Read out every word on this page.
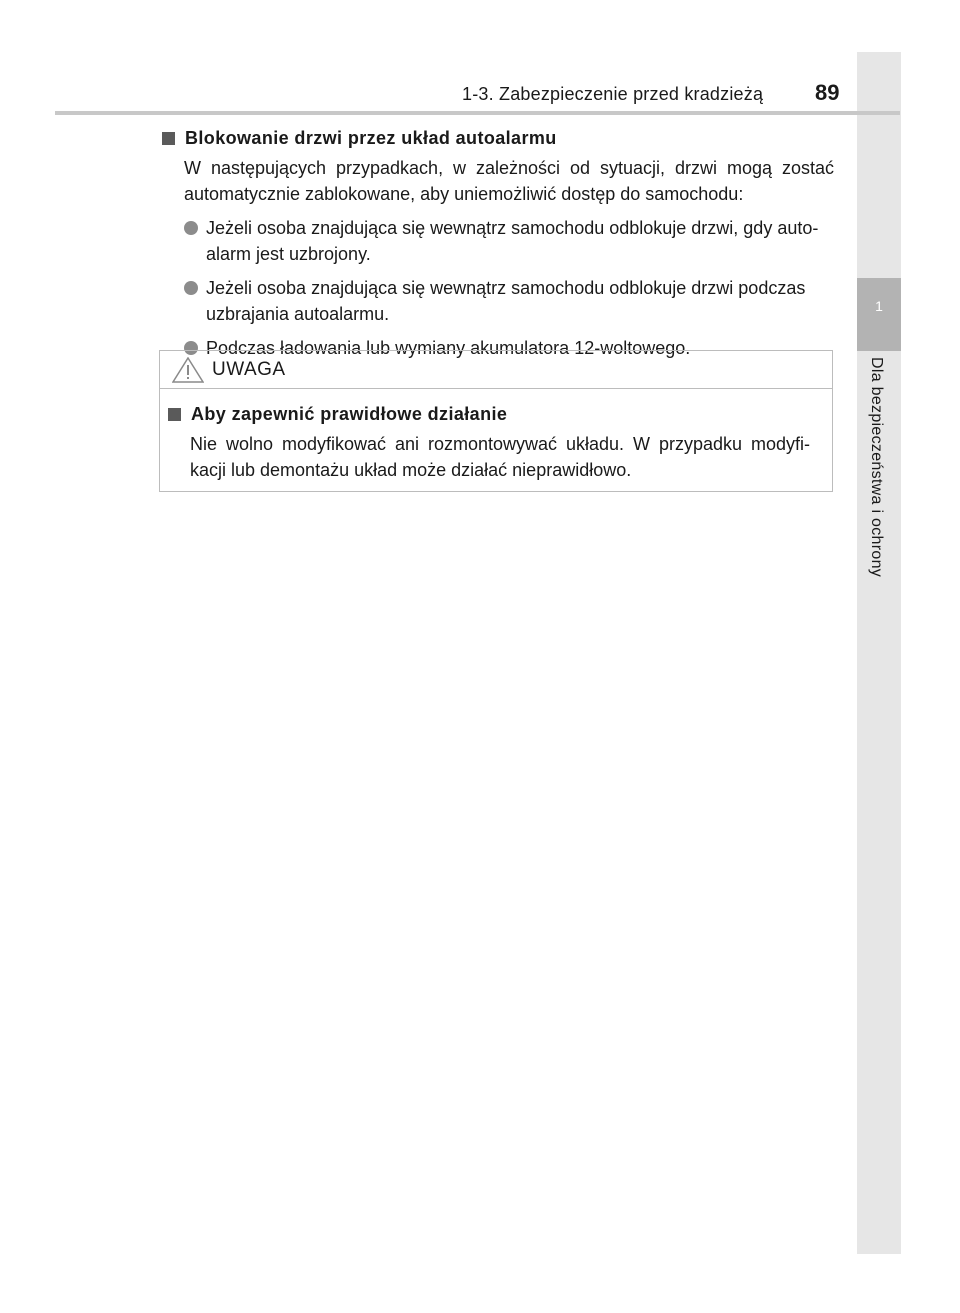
1
Dla bezpieczeństwa i ochrony
1-3. Zabezpieczenie przed kradzieżą 89
Blokowanie drzwi przez układ autoalarmu

W następujących przypadkach, w zależności od sytuacji, drzwi mogą zostać automatycznie zablokowane, aby uniemożliwić dostęp do samochodu:

Jeżeli osoba znajdująca się wewnątrz samochodu odblokuje drzwi, gdy auto- alarm jest uzbrojony.
Jeżeli osoba znajdująca się wewnątrz samochodu odblokuje drzwi podczas uzbrajania autoalarmu.
Podczas ładowania lub wymiany akumulatora 12-woltowego.
UWAGA
Aby zapewnić prawidłowe działanie

Nie wolno modyfikować ani rozmontowywać układu. W przypadku modyfi- kacji lub demontażu układ może działać nieprawidłowo.
